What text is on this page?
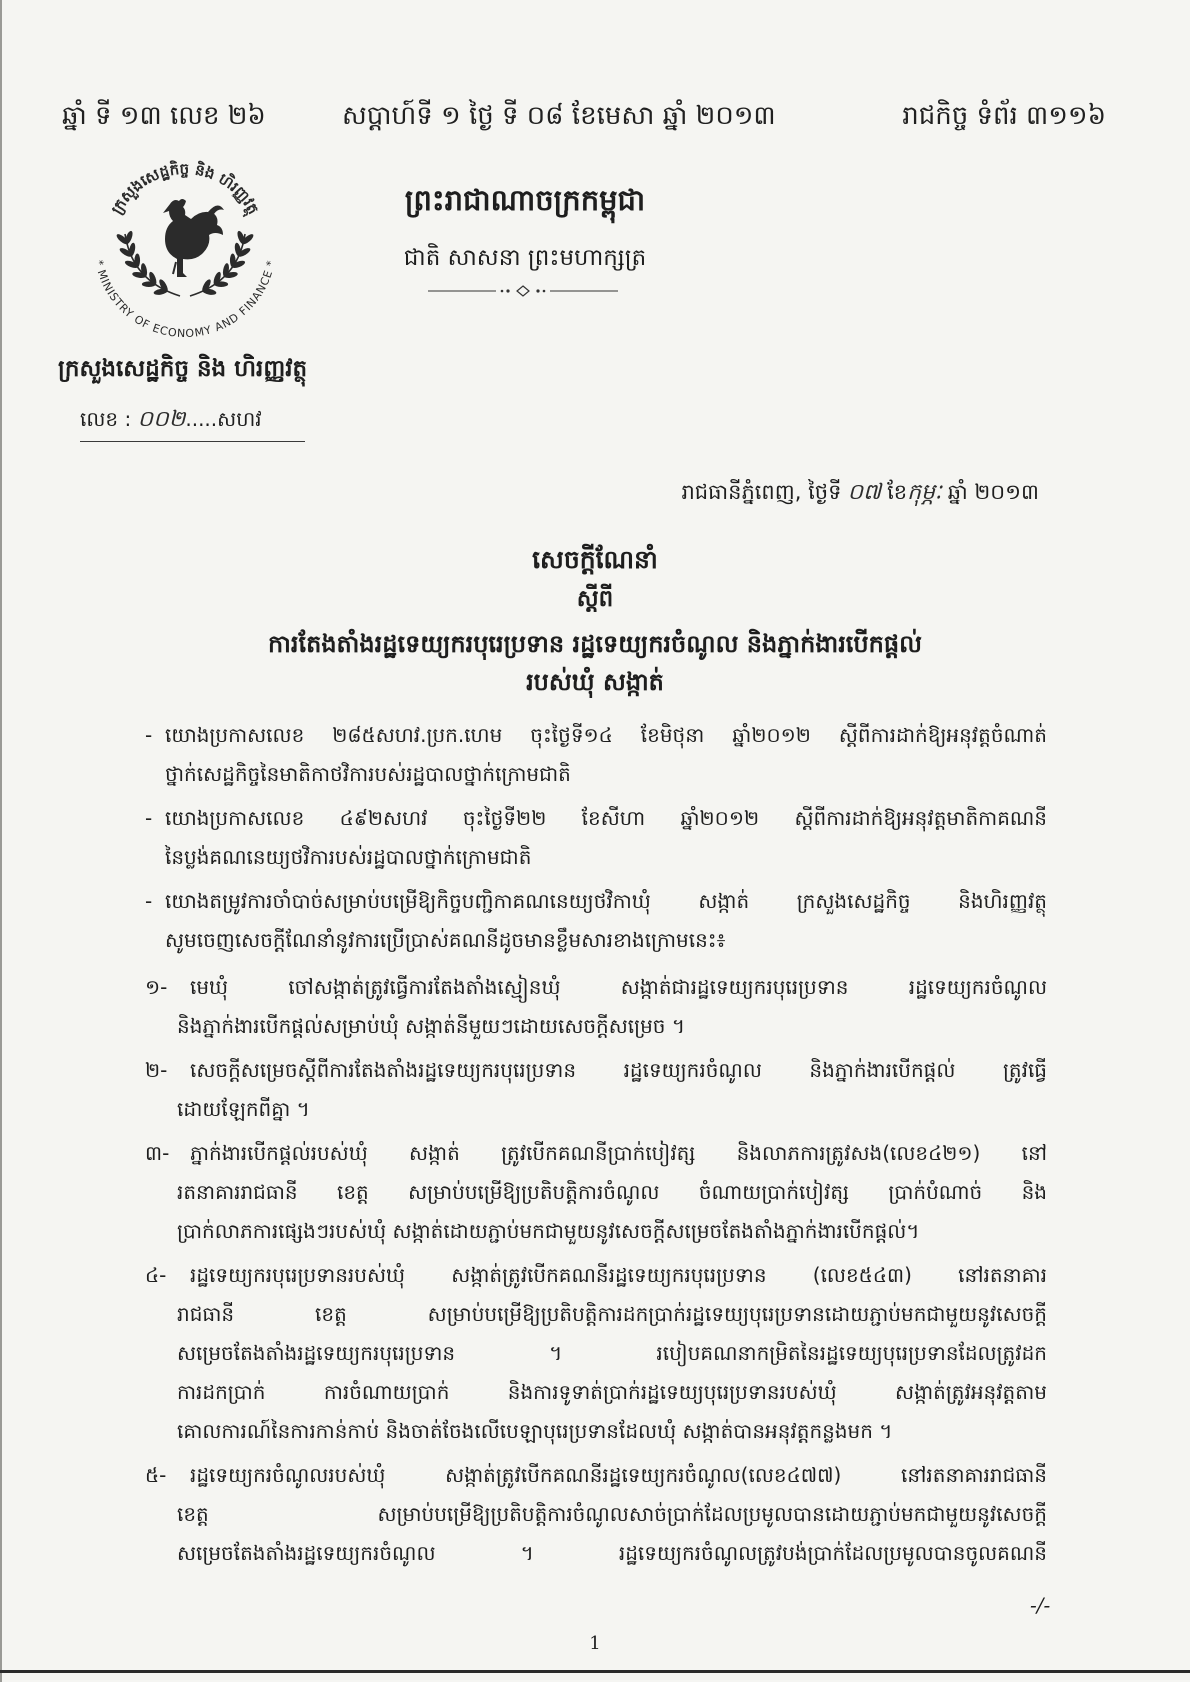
ឆ្នាំ ទី ១៣ លេខ ២៦	សប្តាហ៍ទី ១ ថ្ងៃ ទី ០៨ ខែមេសា ឆ្នាំ ២០១៣	រាជកិច្ច ទំព័រ ៣១១៦
ក្រសួងសេដ្ឋកិច្ច និង ហិរញ្ញវត្ថុ
* MINISTRY OF ECONOMY AND FINANCE *
ក្រសួងសេដ្ឋកិច្ច និង ហិរញ្ញវត្ថុ
លេខ : ០០២.....សហវ
ព្រះរាជាណាចក្រកម្ពុជា
ជាតិ សាសនា ព្រះមហាក្សត្រ
រាជធានីភ្នំពេញ, ថ្ងៃទី ០៧ ខែកុម្ភៈ ឆ្នាំ ២០១៣
សេចក្តីណែនាំ
ស្តីពី
ការតែងតាំងរដ្ឋទេយ្យករបុរេប្រទាន រដ្ឋទេយ្យករចំណូល និងភ្នាក់ងារបើកផ្តល់
របស់ឃុំ សង្កាត់
- យោងប្រកាសលេខ ២៨៥សហវ.ប្រក.ហេម ចុះថ្ងៃទី១៤ ខែមិថុនា ឆ្នាំ២០១២ ស្តីពីការដាក់ឱ្យអនុវត្តចំណាត់
ថ្នាក់សេដ្ឋកិច្ចនៃមាតិកាថវិការបស់រដ្ឋបាលថ្នាក់ក្រោមជាតិ
- យោងប្រកាសលេខ ៤៩២សហវ ចុះថ្ងៃទី២២ ខែសីហា ឆ្នាំ២០១២ ស្តីពីការដាក់ឱ្យអនុវត្តមាតិកាគណនី
នៃប្លង់គណនេយ្យថវិការបស់រដ្ឋបាលថ្នាក់ក្រោមជាតិ
- យោងតម្រូវការចាំបាច់សម្រាប់បម្រើឱ្យកិច្ចបញ្ជិកាគណនេយ្យថវិកាឃុំ សង្កាត់ ក្រសួងសេដ្ឋកិច្ច និងហិរញ្ញវត្ថុ
សូមចេញសេចក្តីណែនាំនូវការប្រើប្រាស់គណនីដូចមានខ្លឹមសារខាងក្រោមនេះ៖
១-	មេឃុំ ចៅសង្កាត់ត្រូវធ្វើការតែងតាំងស្មៀនឃុំ សង្កាត់ជារដ្ឋទេយ្យករបុរេប្រទាន រដ្ឋទេយ្យករចំណូល
និងភ្នាក់ងារបើកផ្តល់សម្រាប់ឃុំ សង្កាត់នីមួយៗដោយសេចក្តីសម្រេច ។
២-	សេចក្តីសម្រេចស្តីពីការតែងតាំងរដ្ឋទេយ្យករបុរេប្រទាន រដ្ឋទេយ្យករចំណូល និងភ្នាក់ងារបើកផ្តល់ ត្រូវធ្វើ
ដោយឡែកពីគ្នា ។
៣-	ភ្នាក់ងារបើកផ្តល់របស់ឃុំ សង្កាត់ ត្រូវបើកគណនីប្រាក់បៀវត្ស និងលាភការត្រូវសង(លេខ៤២១) នៅ
រតនាគាររាជធានី ខេត្ត សម្រាប់បម្រើឱ្យប្រតិបត្តិការចំណូល ចំណាយប្រាក់បៀវត្ស ប្រាក់បំណាច់ និង
ប្រាក់លាភការផ្សេងៗរបស់ឃុំ សង្កាត់ដោយភ្ជាប់មកជាមួយនូវសេចក្តីសម្រេចតែងតាំងភ្នាក់ងារបើកផ្តល់។
៤-	រដ្ឋទេយ្យករបុរេប្រទានរបស់ឃុំ សង្កាត់ត្រូវបើកគណនីរដ្ឋទេយ្យករបុរេប្រទាន (លេខ៥៤៣) នៅរតនាគារ
រាជធានី ខេត្ត សម្រាប់បម្រើឱ្យប្រតិបត្តិការដកប្រាក់រដ្ឋទេយ្យបុរេប្រទានដោយភ្ជាប់មកជាមួយនូវសេចក្តី
សម្រេចតែងតាំងរដ្ឋទេយ្យករបុរេប្រទាន ។ របៀបគណនាកម្រិតនៃរដ្ឋទេយ្យបុរេប្រទានដែលត្រូវដក
ការដកប្រាក់ ការចំណាយប្រាក់ និងការទូទាត់ប្រាក់រដ្ឋទេយ្យបុរេប្រទានរបស់ឃុំ សង្កាត់ត្រូវអនុវត្តតាម
គោលការណ៍នៃការកាន់កាប់ និងចាត់ចែងលើបេឡាបុរេប្រទានដែលឃុំ សង្កាត់បានអនុវត្តកន្លងមក ។
៥-	រដ្ឋទេយ្យករចំណូលរបស់ឃុំ សង្កាត់ត្រូវបើកគណនីរដ្ឋទេយ្យករចំណូល(លេខ៤៧៧) នៅរតនាគាររាជធានី
ខេត្ត សម្រាប់បម្រើឱ្យប្រតិបត្តិការចំណូលសាច់ប្រាក់ដែលប្រមូលបានដោយភ្ជាប់មកជាមួយនូវសេចក្តី
សម្រេចតែងតាំងរដ្ឋទេយ្យករចំណូល ។ រដ្ឋទេយ្យករចំណូលត្រូវបង់ប្រាក់ដែលប្រមូលបានចូលគណនី
-/-
1
